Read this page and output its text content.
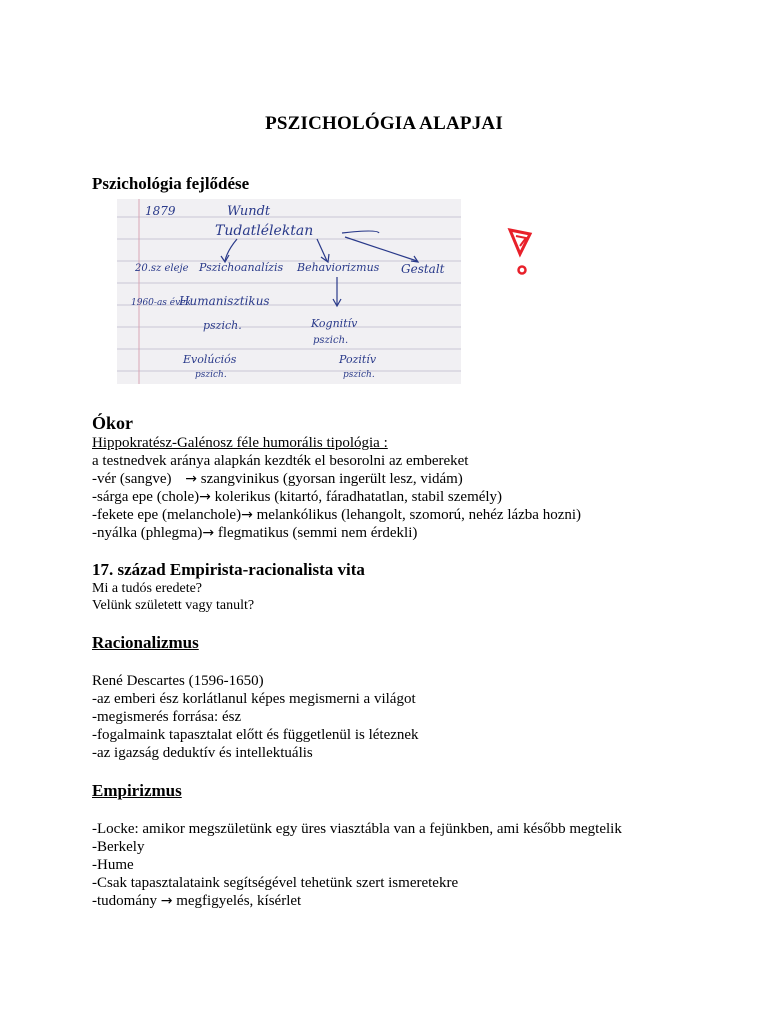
PSZICHOLÓGIA ALAPJAI
Pszichológia fejlődése
1879	Wundt
Tudatlélektan
20.sz eleje Pszichoanalízis Behaviorizmus Gestalt
1960-as évek
Humanisztikus
pszich.	Kognitív
pszich.
Evolúciós
pszich.
Pozitív
pszich.
Ókor
Hippokratész-Galénosz féle humorális tipológia :
a testnedvek aránya alapkán kezdték el besorolni az embereket
-vér (sangve) → szangvinikus (gyorsan ingerült lesz, vidám)
-sárga epe (chole)→ kolerikus (kitartó, fáradhatatlan, stabil személy)
-fekete epe (melanchole)→ melankólikus (lehangolt, szomorú, nehéz lázba hozni)
-nyálka (phlegma)→ flegmatikus (semmi nem érdekli)
17. század Empirista-racionalista vita
Mi a tudós eredete?
Velünk született vagy tanult?
Racionalizmus
René Descartes (1596-1650)
-az emberi ész korlátlanul képes megismerni a világot
-megismerés forrása: ész
-fogalmaink tapasztalat előtt és függetlenül is léteznek
-az igazság deduktív és intellektuális
Empirizmus
-Locke: amikor megszületünk egy üres viasztábla van a fejünkben, ami később megtelik
-Berkely
-Hume
-Csak tapasztalataink segítségével tehetünk szert ismeretekre
-tudomány → megfigyelés, kísérlet
